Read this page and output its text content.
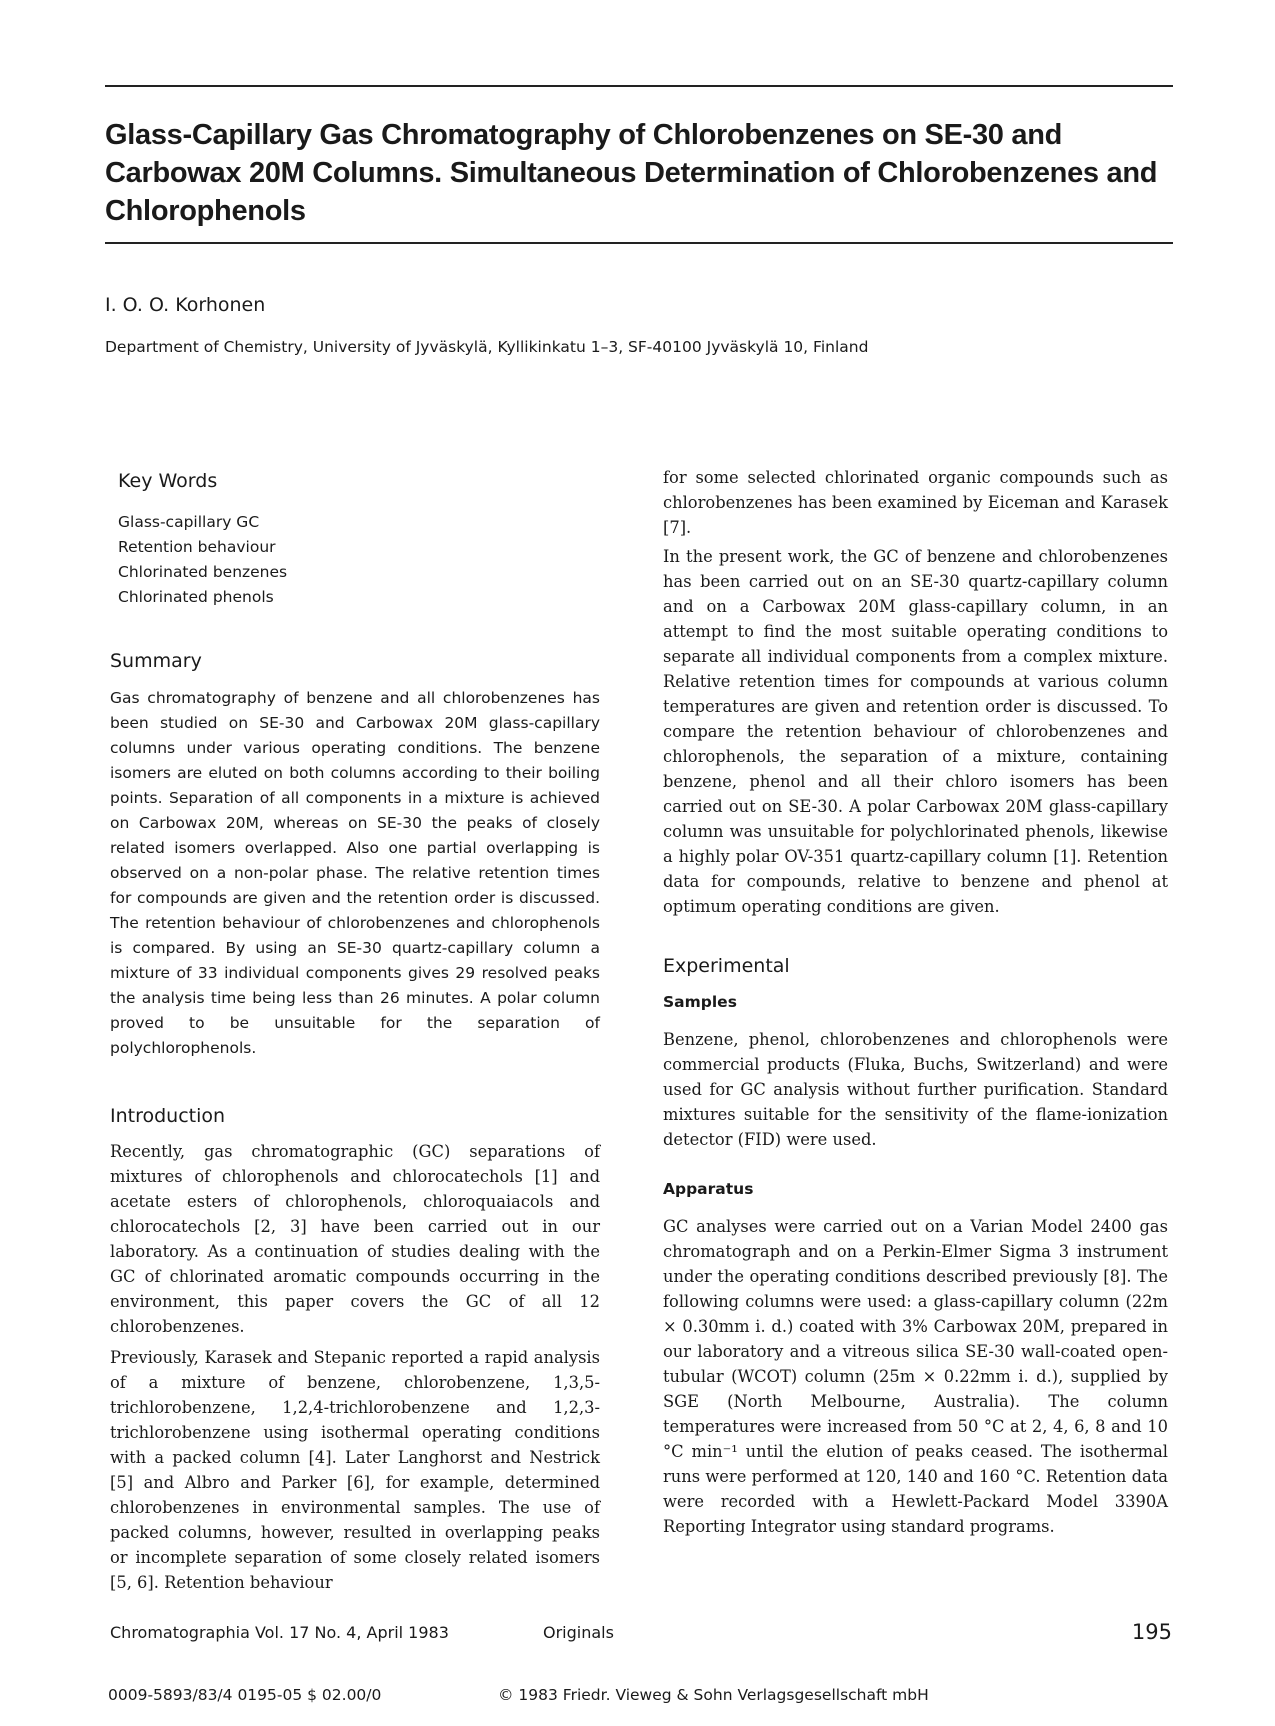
Glass-Capillary Gas Chromatography of Chlorobenzenes on SE-30 and Carbowax 20M Columns. Simultaneous Determination of Chlorobenzenes and Chlorophenols

I. O. O. Korhonen

Department of Chemistry, University of Jyväskylä, Kyllikinkatu 1–3, SF-40100 Jyväskylä 10, Finland

Key Words
Glass-capillary GC
Retention behaviour
Chlorinated benzenes
Chlorinated phenols
Summary

Gas chromatography of benzene and all chlorobenzenes has been studied on SE-30 and Carbowax 20M glass-capillary columns under various operating conditions. The benzene isomers are eluted on both columns according to their boiling points. Separation of all components in a mixture is achieved on Carbowax 20M, whereas on SE-30 the peaks of closely related isomers overlapped. Also one partial overlapping is observed on a non-polar phase. The relative retention times for compounds are given and the retention order is discussed. The retention behaviour of chlorobenzenes and chlorophenols is compared. By using an SE-30 quartz-capillary column a mixture of 33 individual components gives 29 resolved peaks the analysis time being less than 26 minutes. A polar column proved to be unsuitable for the separation of polychlorophenols.

Introduction

Recently, gas chromatographic (GC) separations of mixtures of chlorophenols and chlorocatechols [1] and acetate esters of chlorophenols, chloroquaiacols and chlorocatechols [2, 3] have been carried out in our laboratory. As a continuation of studies dealing with the GC of chlorinated aromatic compounds occurring in the environment, this paper covers the GC of all 12 chlorobenzenes.

Previously, Karasek and Stepanic reported a rapid analysis of a mixture of benzene, chlorobenzene, 1,3,5-trichlorobenzene, 1,2,4-trichlorobenzene and 1,2,3-trichlorobenzene using isothermal operating conditions with a packed column [4]. Later Langhorst and Nestrick [5] and Albro and Parker [6], for example, determined chlorobenzenes in environmental samples. The use of packed columns, however, resulted in overlapping peaks or incomplete separation of some closely related isomers [5, 6]. Retention behaviour

for some selected chlorinated organic compounds such as chlorobenzenes has been examined by Eiceman and Karasek [7].

In the present work, the GC of benzene and chlorobenzenes has been carried out on an SE-30 quartz-capillary column and on a Carbowax 20M glass-capillary column, in an attempt to find the most suitable operating conditions to separate all individual components from a complex mixture. Relative retention times for compounds at various column temperatures are given and retention order is discussed. To compare the retention behaviour of chlorobenzenes and chlorophenols, the separation of a mixture, containing benzene, phenol and all their chloro isomers has been carried out on SE-30. A polar Carbowax 20M glass-capillary column was unsuitable for polychlorinated phenols, likewise a highly polar OV-351 quartz-capillary column [1]. Retention data for compounds, relative to benzene and phenol at optimum operating conditions are given.

Experimental
Samples

Benzene, phenol, chlorobenzenes and chlorophenols were commercial products (Fluka, Buchs, Switzerland) and were used for GC analysis without further purification. Standard mixtures suitable for the sensitivity of the flame-ionization detector (FID) were used.

Apparatus

GC analyses were carried out on a Varian Model 2400 gas chromatograph and on a Perkin-Elmer Sigma 3 instrument under the operating conditions described previously [8]. The following columns were used: a glass-capillary column (22m × 0.30mm i. d.) coated with 3% Carbowax 20M, prepared in our laboratory and a vitreous silica SE-30 wall-coated open-tubular (WCOT) column (25m × 0.22mm i. d.), supplied by SGE (North Melbourne, Australia). The column temperatures were increased from 50 °C at 2, 4, 6, 8 and 10 °C min⁻¹ until the elution of peaks ceased. The isothermal runs were performed at 120, 140 and 160 °C. Retention data were recorded with a Hewlett-Packard Model 3390A Reporting Integrator using standard programs.

Chromatographia Vol. 17 No. 4, April 1983	Originals	195

0009-5893/83/4 0195-05 $ 02.00/0	© 1983 Friedr. Vieweg & Sohn Verlagsgesellschaft mbH
